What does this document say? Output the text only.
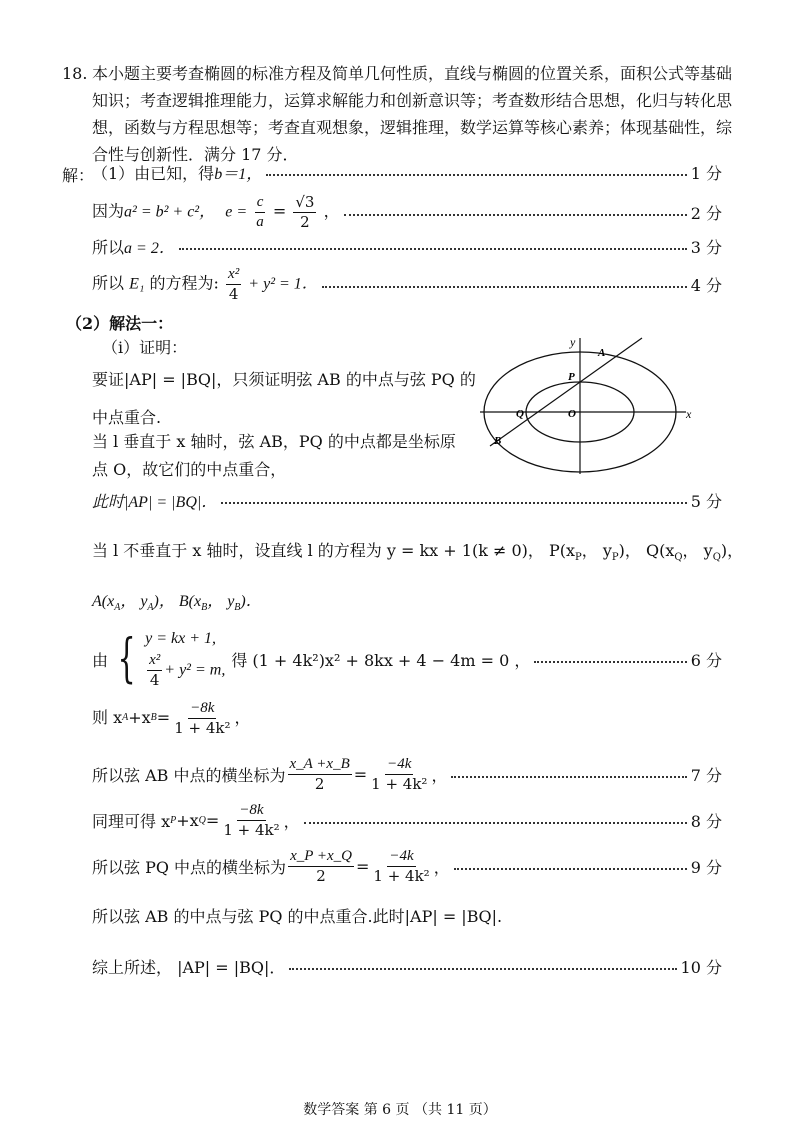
18. 本小题主要考查椭圆的标准方程及简单几何性质，直线与椭圆的位置关系，面积公式等基础知识；考查逻辑推理能力，运算求解能力和创新意识等；考查数形结合思想，化归与转化思想，函数与方程思想等；考查直观想象，逻辑推理，数学运算等核心素养；体现基础性，综合性与创新性．满分 17 分．
解：
（1）由已知，得b＝1，	1 分
因为a² = b² + c²， $e = \frac{c}{a} = \frac{√3}{2}$ ，	2 分
所以a = 2．	3 分
所以 E₁ 的方程为: $\frac{\text{x²}}{4} + y^2 = 1$．	4 分
（2）解法一：
（i）证明：
要证|AP| = |BQ|，只须证明弦 AB 的中点与弦 PQ 的
中点重合.
当 l 垂直于 x 轴时，弦 AB，PQ 的中点都是坐标原
点 O，故它们的中点重合，
y
x
A
P
Q	O
B
此时|AP| = |BQ|．	5 分
当 l 不垂直于 x 轴时，设直线 l 的方程为 y = kx + 1(k ≠ 0)， $P(x_P$， $y_P$)， $Q(x_Q$， $y_Q$)，
$A(x_A$， $y_A$)， $B(x_B$， $y_B$)．
由 { y = kx + 1,
$\frac{\text{x²}}{4} + y^2 = m$,
得 (1 + 4k²)x² + 8kx + 4 − 4m = 0 ，	6 分
则 x A +x $B = \frac{-8k}{\text{1 + 4k²}}$ ，
所以弦 AB 中点的横坐标为 $\frac{x\_A +x\_B}{2} = \frac{-4k}{\text{1 + 4k²}}$ ，	7 分
同理可得 x P +x $Q = \frac{-8k}{\text{1 + 4k²}}$ ，	8 分
所以弦 PQ 中点的横坐标为 $\frac{x\_P +x\_Q}{2} = \frac{-4k}{\text{1 + 4k²}}$ ，	9 分
所以弦 AB 的中点与弦 PQ 的中点重合.此时|AP| = |BQ|.
综上所述， |AP| = |BQ|．	10 分
数学答案 第 6 页 （共 11 页）
